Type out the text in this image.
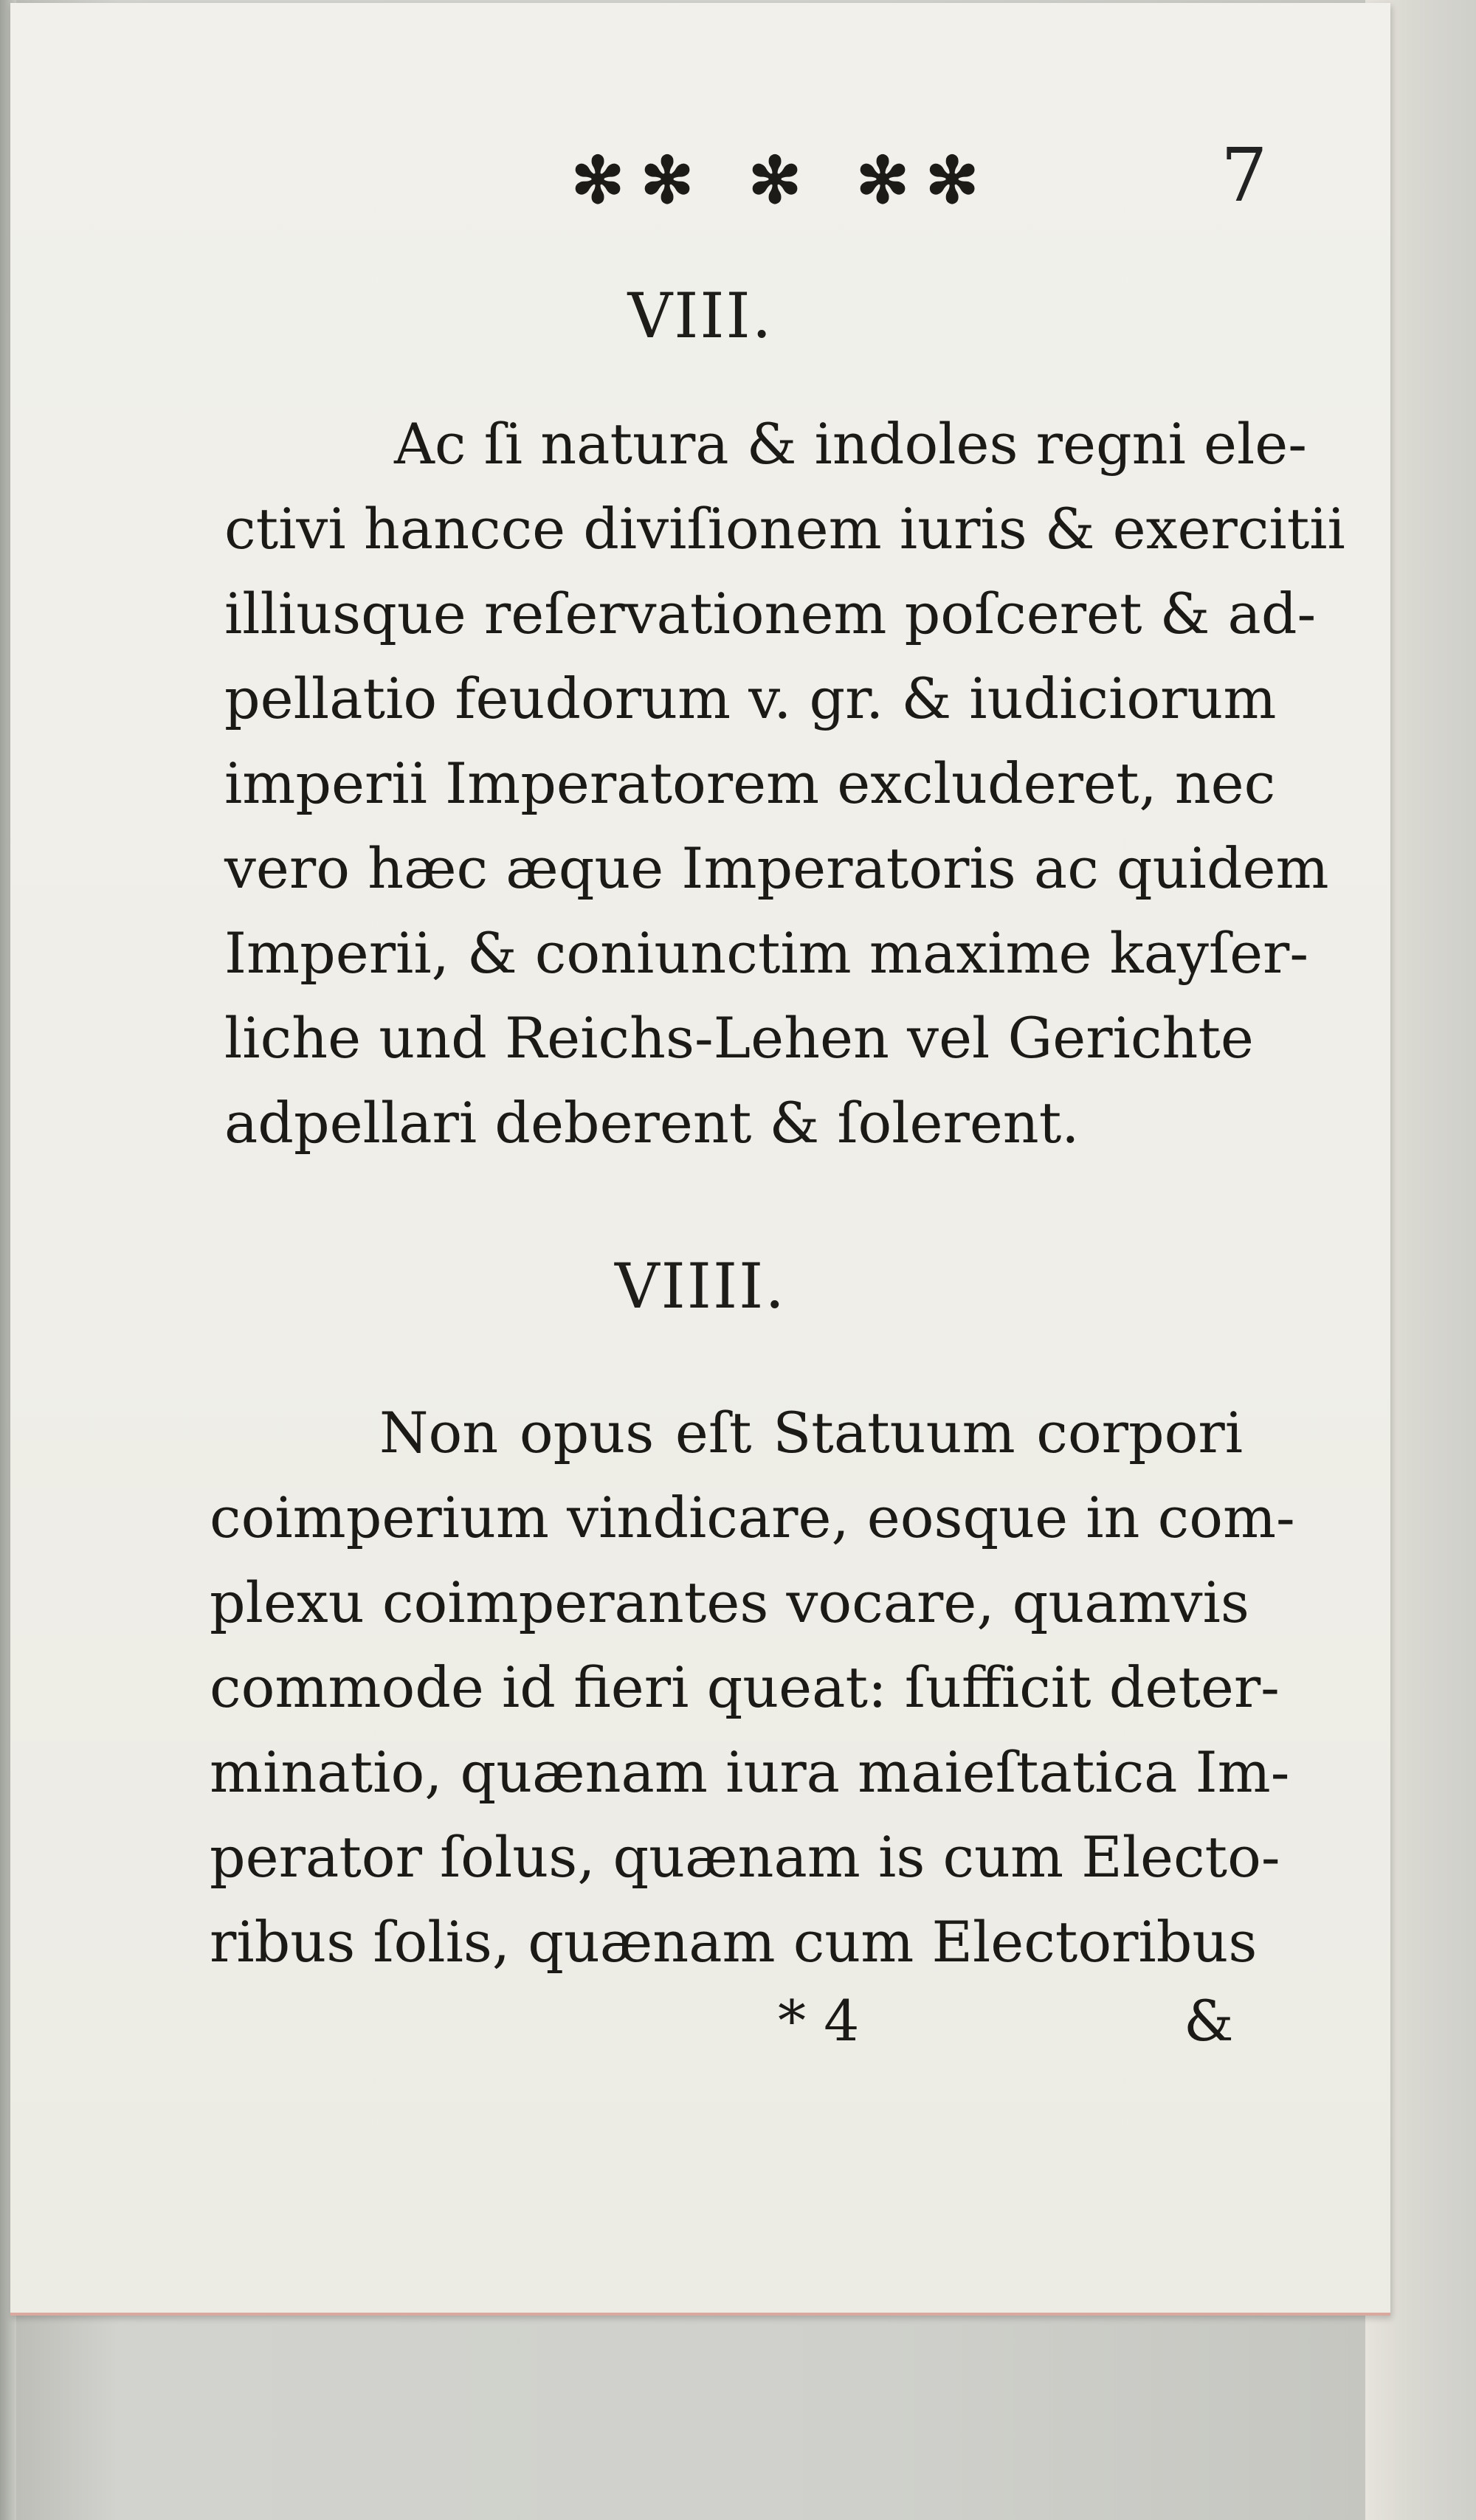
✻✻ ✻ ✻✻	7
VIII.
Ac ſi natura & indoles regni ele-
ctivi hancce diviſionem iuris & exercitii
illiusque reſervationem poſceret & ad-
pellatio feudorum v. gr. & iudiciorum
imperii Imperatorem excluderet, nec
vero hæc æque Imperatoris ac quidem
Imperii, & coniunctim maxime kayſer-
liche und Reichs-Lehen vel Gerichte
adpellari deberent & ſolerent.
VIIII.
Non opus eſt Statuum corpori
coimperium vindicare, eosque in com-
plexu coimperantes vocare, quamvis
commode id fieri queat: ſufficit deter-
minatio, quænam iura maieſtatica Im-
perator ſolus, quænam is cum Electo-
ribus ſolis, quænam cum Electoribus
* 4	&
